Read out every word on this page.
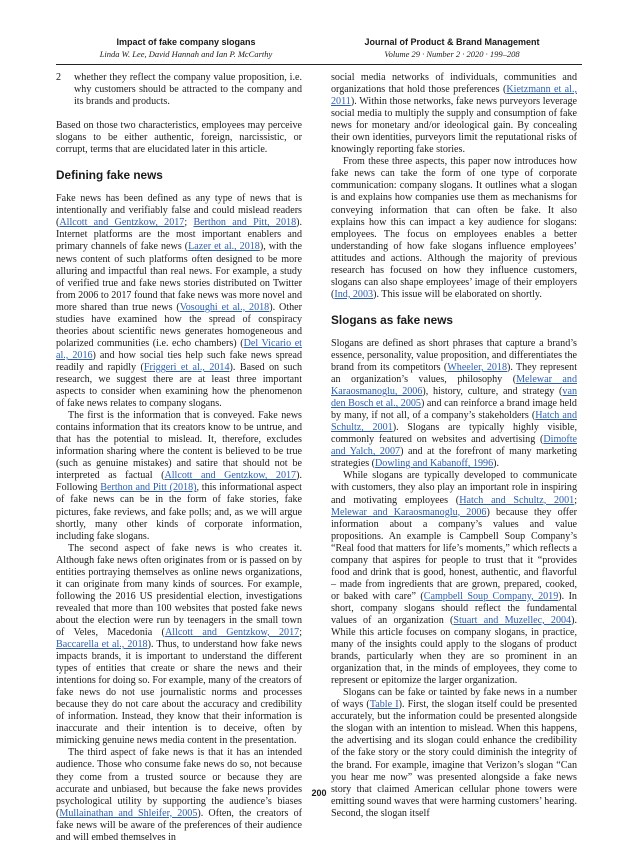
Impact of fake company slogans
Linda W. Lee, David Hannah and Ian P. McCarthy
Journal of Product & Brand Management
Volume 29 · Number 2 · 2020 · 199–208
2	whether they reflect the company value proposition, i.e. why customers should be attracted to the company and its brands and products.

Based on those two characteristics, employees may perceive slogans to be either authentic, foreign, narcissistic, or corrupt, terms that are elucidated later in this article.

Defining fake news

Fake news has been defined as any type of news that is intentionally and verifiably false and could mislead readers (Allcott and Gentzkow, 2017; Berthon and Pitt, 2018). Internet platforms are the most important enablers and primary channels of fake news (Lazer et al., 2018), with the news content of such platforms often designed to be more alluring and impactful than real news. For example, a study of verified true and fake news stories distributed on Twitter from 2006 to 2017 found that fake news was more novel and more shared than true news (Vosoughi et al., 2018). Other studies have examined how the spread of conspiracy theories about scientific news generates homogeneous and polarized communities (i.e. echo chambers) (Del Vicario et al., 2016) and how social ties help such fake news spread readily and rapidly (Friggeri et al., 2014). Based on such research, we suggest there are at least three important aspects to consider when examining how the phenomenon of fake news relates to company slogans.

The first is the information that is conveyed. Fake news contains information that its creators know to be untrue, and that has the potential to mislead. It, therefore, excludes information sharing where the content is believed to be true (such as genuine mistakes) and satire that should not be interpreted as factual (Allcott and Gentzkow, 2017). Following Berthon and Pitt (2018), this informational aspect of fake news can be in the form of fake stories, fake pictures, fake reviews, and fake polls; and, as we will argue shortly, many other kinds of corporate information, including fake slogans.

The second aspect of fake news is who creates it. Although fake news often originates from or is passed on by entities portraying themselves as online news organizations, it can originate from many kinds of sources. For example, following the 2016 US presidential election, investigations revealed that more than 100 websites that posted fake news about the election were run by teenagers in the small town of Veles, Macedonia (Allcott and Gentzkow, 2017; Baccarella et al., 2018). Thus, to understand how fake news impacts brands, it is important to understand the different types of entities that create or share the news and their intentions for doing so. For example, many of the creators of fake news do not use journalistic norms and processes because they do not care about the accuracy and credibility of information. Instead, they know that their information is inaccurate and their intention is to deceive, often by mimicking genuine news media content in the presentation.

The third aspect of fake news is that it has an intended audience. Those who consume fake news do so, not because they come from a trusted source or because they are accurate and unbiased, but because the fake news provides psychological utility by supporting the audience’s biases (Mullainathan and Shleifer, 2005). Often, the creators of fake news will be aware of the preferences of their audience and will embed themselves in

social media networks of individuals, communities and organizations that hold those preferences (Kietzmann et al., 2011). Within those networks, fake news purveyors leverage social media to multiply the supply and consumption of fake news for monetary and/or ideological gain. By concealing their own identities, purveyors limit the reputational risks of knowingly reporting fake stories.

From these three aspects, this paper now introduces how fake news can take the form of one type of corporate communication: company slogans. It outlines what a slogan is and explains how companies use them as mechanisms for conveying information that can often be fake. It also explains how this can impact a key audience for slogans: employees. The focus on employees enables a better understanding of how fake slogans influence employees’ attitudes and actions. Although the majority of previous research has focused on how they influence customers, slogans can also shape employees’ image of their employers (Ind, 2003). This issue will be elaborated on shortly.

Slogans as fake news

Slogans are defined as short phrases that capture a brand’s essence, personality, value proposition, and differentiates the brand from its competitors (Wheeler, 2018). They represent an organization’s values, philosophy (Melewar and Karaosmanoglu, 2006), history, culture, and strategy (van den Bosch et al., 2005) and can reinforce a brand image held by many, if not all, of a company’s stakeholders (Hatch and Schultz, 2001). Slogans are typically highly visible, commonly featured on websites and advertising (Dimofte and Yalch, 2007) and at the forefront of many marketing strategies (Dowling and Kabanoff, 1996).

While slogans are typically developed to communicate with customers, they also play an important role in inspiring and motivating employees (Hatch and Schultz, 2001; Melewar and Karaosmanoglu, 2006) because they offer information about a company’s values and value propositions. An example is Campbell Soup Company’s “Real food that matters for life’s moments,” which reflects a company that aspires for people to trust that it “provides food and drink that is good, honest, authentic, and flavorful – made from ingredients that are grown, prepared, cooked, or baked with care” (Campbell Soup Company, 2019). In short, company slogans should reflect the fundamental values of an organization (Stuart and Muzellec, 2004). While this article focuses on company slogans, in practice, many of the insights could apply to the slogans of product brands, particularly when they are so prominent in an organization that, in the minds of employees, they come to represent or epitomize the larger organization.

Slogans can be fake or tainted by fake news in a number of ways (Table I). First, the slogan itself could be presented accurately, but the information could be presented alongside the slogan with an intention to mislead. When this happens, the advertising and its slogan could enhance the credibility of the fake story or the story could diminish the integrity of the brand. For example, imagine that Verizon’s slogan “Can you hear me now” was presented alongside a fake news story that claimed American cellular phone towers were emitting sound waves that were harming customers’ hearing. Second, the slogan itself

200
